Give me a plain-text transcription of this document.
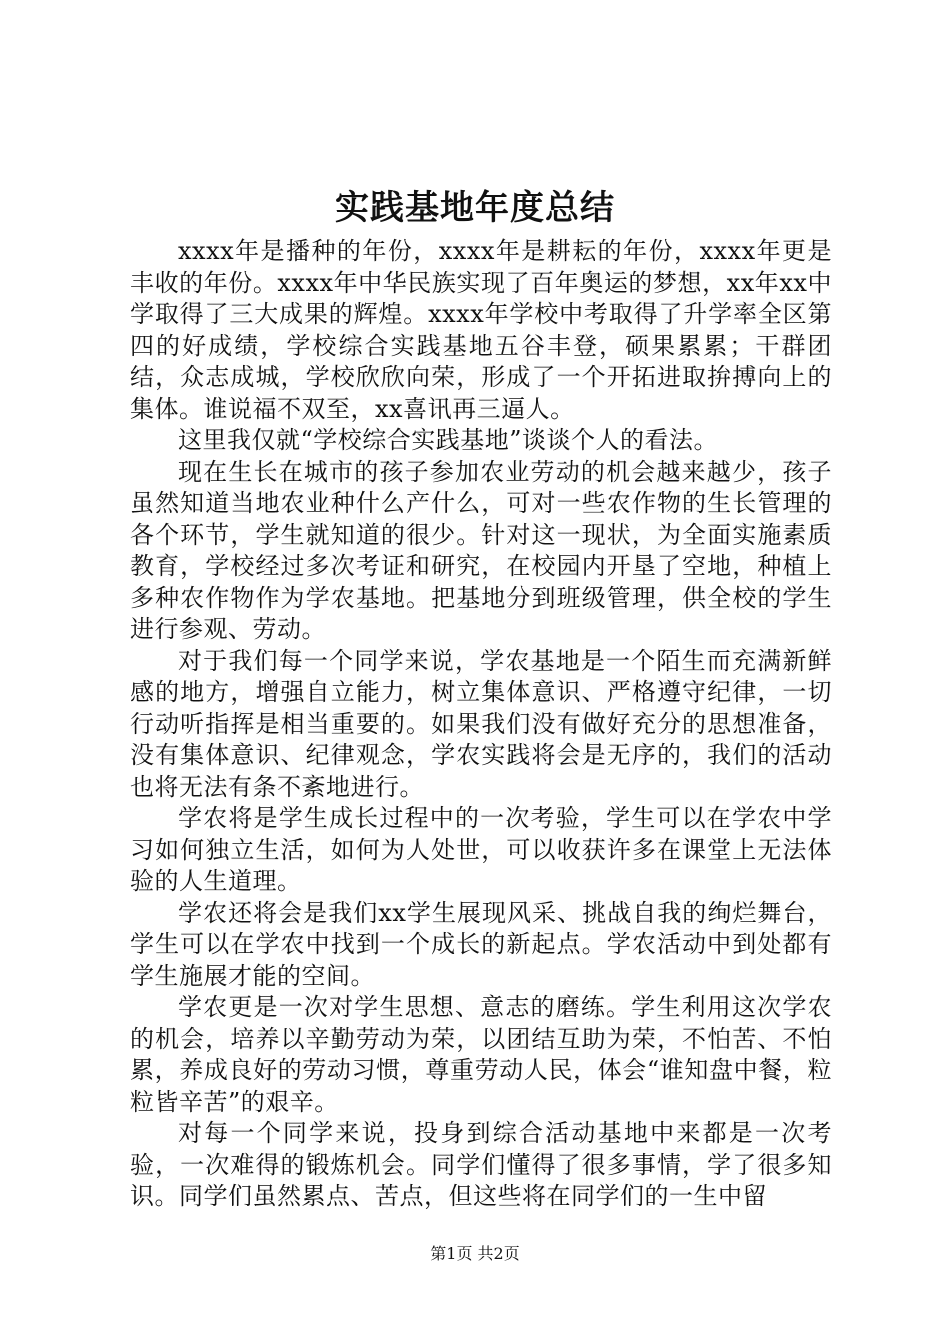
实践基地年度总结

xxxx年是播种的年份，xxxx年是耕耘的年份，xxxx年更是丰收的年份。xxxx年中华民族实现了百年奥运的梦想，xx年xx中学取得了三大成果的辉煌。xxxx年学校中考取得了升学率全区第四的好成绩，学校综合实践基地五谷丰登，硕果累累；干群团结，众志成城，学校欣欣向荣，形成了一个开拓进取拚搏向上的集体。谁说福不双至，xx喜讯再三逼人。

这里我仅就“学校综合实践基地”谈谈个人的看法。

现在生长在城市的孩子参加农业劳动的机会越来越少，孩子虽然知道当地农业种什么产什么，可对一些农作物的生长管理的各个环节，学生就知道的很少。针对这一现状，为全面实施素质教育，学校经过多次考证和研究，在校园内开垦了空地，种植上多种农作物作为学农基地。把基地分到班级管理，供全校的学生进行参观、劳动。

对于我们每一个同学来说，学农基地是一个陌生而充满新鲜感的地方，增强自立能力，树立集体意识、严格遵守纪律，一切行动听指挥是相当重要的。如果我们没有做好充分的思想准备，没有集体意识、纪律观念，学农实践将会是无序的，我们的活动也将无法有条不紊地进行。

学农将是学生成长过程中的一次考验，学生可以在学农中学习如何独立生活，如何为人处世，可以收获许多在课堂上无法体验的人生道理。

学农还将会是我们xx学生展现风采、挑战自我的绚烂舞台，学生可以在学农中找到一个成长的新起点。学农活动中到处都有学生施展才能的空间。

学农更是一次对学生思想、意志的磨练。学生利用这次学农的机会，培养以辛勤劳动为荣，以团结互助为荣，不怕苦、不怕累，养成良好的劳动习惯，尊重劳动人民，体会“谁知盘中餐，粒粒皆辛苦”的艰辛。

对每一个同学来说，投身到综合活动基地中来都是一次考验，一次难得的锻炼机会。同学们懂得了很多事情，学了很多知识。同学们虽然累点、苦点，但这些将在同学们的一生中留

第1页 共2页
